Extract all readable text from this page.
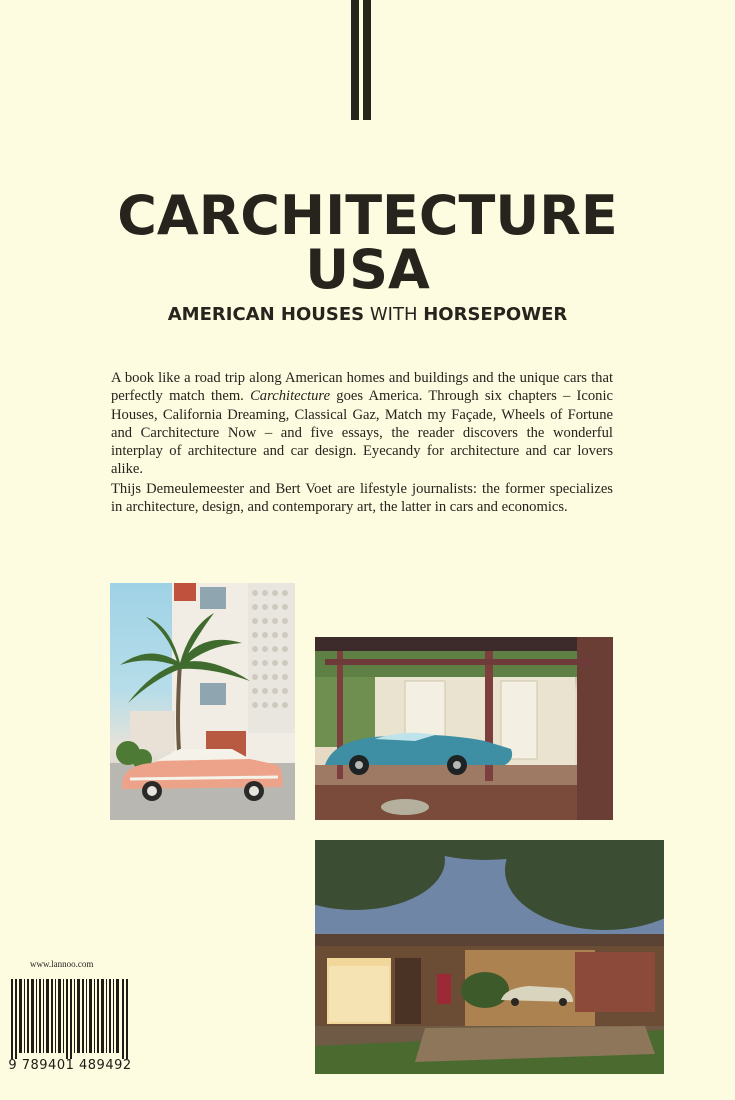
CARCHITECTURE
USA
AMERICAN HOUSES WITH HORSEPOWER

A book like a road trip along American homes and buildings and the unique cars that perfectly match them. Carchitecture goes America. Through six chapters – Iconic Houses, California Dreaming, Classical Gaz, Match my Façade, Wheels of Fortune and Carchitecture Now – and five essays, the reader discovers the wonderful interplay of architecture and car design. Eyecandy for architecture and car lovers alike.

Thijs Demeulemeester and Bert Voet are lifestyle journalists: the former specializes in architecture, design, and contemporary art, the latter in cars and economics.

www.lannoo.com
9 789401 489492
